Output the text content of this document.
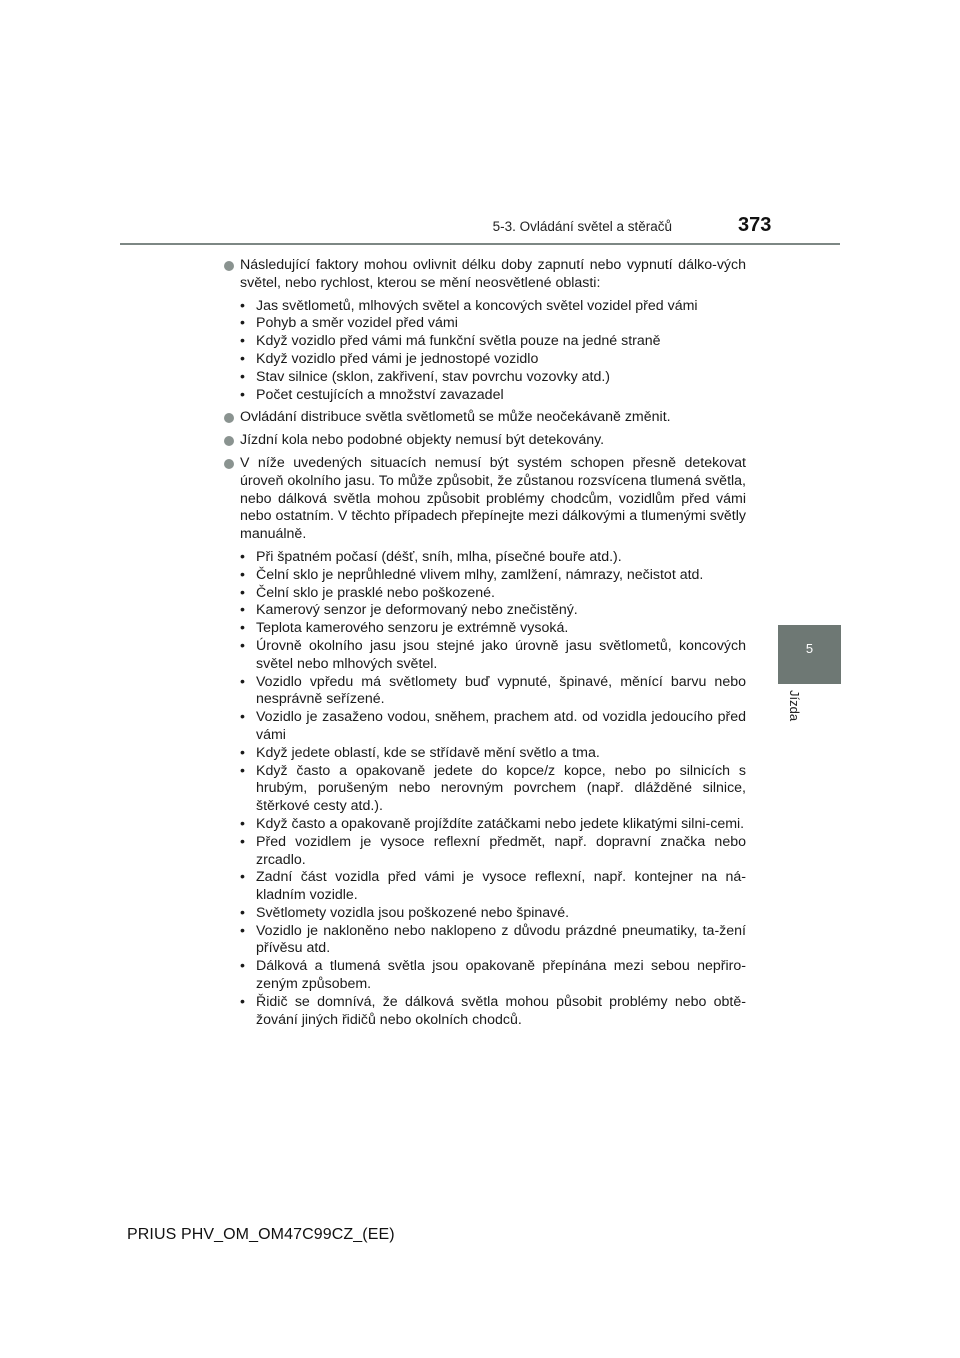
5-3. Ovládání světel a stěračů	373
5
Jízda
Následující faktory mohou ovlivnit délku doby zapnutí nebo vypnutí dálko-vých světel, nebo rychlost, kterou se mění neosvětlené oblasti:
• Jas světlometů, mlhových světel a koncových světel vozidel před vámi
• Pohyb a směr vozidel před vámi
• Když vozidlo před vámi má funkční světla pouze na jedné straně
• Když vozidlo před vámi je jednostopé vozidlo
• Stav silnice (sklon, zakřivení, stav povrchu vozovky atd.)
• Počet cestujících a množství zavazadel
Ovládání distribuce světla světlometů se může neočekávaně změnit.
Jízdní kola nebo podobné objekty nemusí být detekovány.
V níže uvedených situacích nemusí být systém schopen přesně detekovat úroveň okolního jasu. To může způsobit, že zůstanou rozsvícena tlumená světla, nebo dálková světla mohou způsobit problémy chodcům, vozidlům před vámi nebo ostatním. V těchto případech přepínejte mezi dálkovými a tlumenými světly manuálně.
• Při špatném počasí (déšť, sníh, mlha, písečné bouře atd.).
• Čelní sklo je neprůhledné vlivem mlhy, zamlžení, námrazy, nečistot atd.
• Čelní sklo je prasklé nebo poškozené.
• Kamerový senzor je deformovaný nebo znečistěný.
• Teplota kamerového senzoru je extrémně vysoká.
• Úrovně okolního jasu jsou stejné jako úrovně jasu světlometů, koncových světel nebo mlhových světel.
• Vozidlo vpředu má světlomety buď vypnuté, špinavé, měnící barvu nebo nesprávně seřízené.
• Vozidlo je zasaženo vodou, sněhem, prachem atd. od vozidla jedoucího před vámi
• Když jedete oblastí, kde se střídavě mění světlo a tma.
• Když často a opakovaně jedete do kopce/z kopce, nebo po silnicích s hrubým, porušeným nebo nerovným povrchem (např. dlážděné silnice, štěrkové cesty atd.).
• Když často a opakovaně projíždíte zatáčkami nebo jedete klikatými silni-cemi.
• Před vozidlem je vysoce reflexní předmět, např. dopravní značka nebo zrcadlo.
• Zadní část vozidla před vámi je vysoce reflexní, např. kontejner na ná-kladním vozidle.
• Světlomety vozidla jsou poškozené nebo špinavé.
• Vozidlo je nakloněno nebo naklopeno z důvodu prázdné pneumatiky, ta-žení přívěsu atd.
• Dálková a tlumená světla jsou opakovaně přepínána mezi sebou nepřiro-zeným způsobem.
• Řidič se domnívá, že dálková světla mohou působit problémy nebo obtě-žování jiných řidičů nebo okolních chodců.
PRIUS PHV_OM_OM47C99CZ_(EE)
